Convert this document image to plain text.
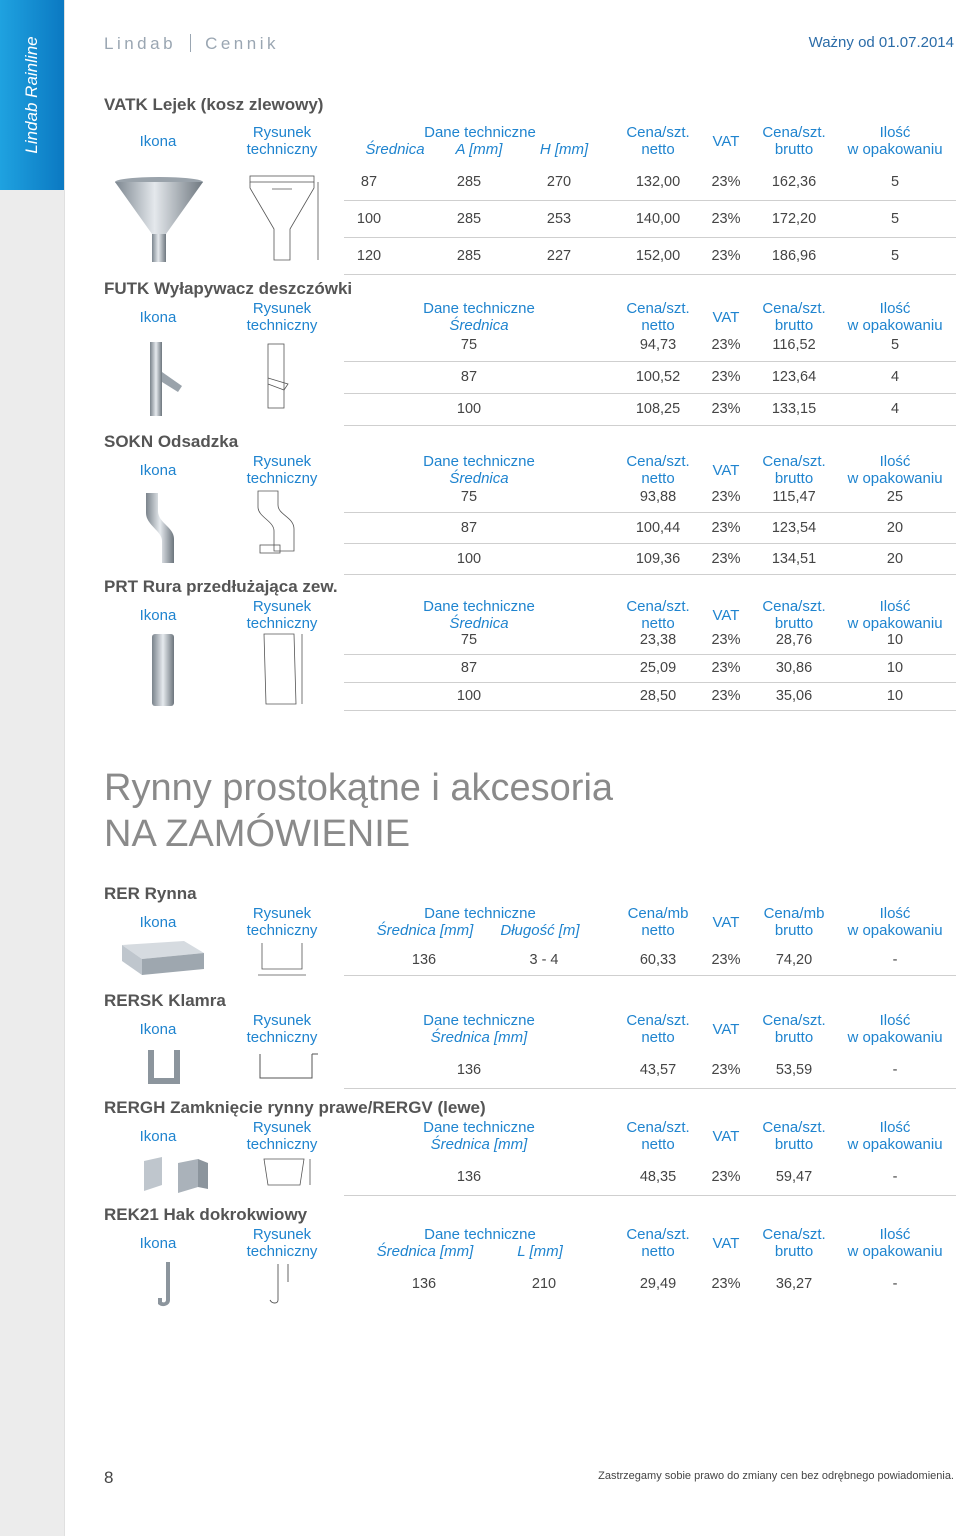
Lindab Rainline	Lindab Cennik	Ważny od 01.07.2014
VATK Lejek (kosz zlewowy)
Ikona
Rysunek
techniczny
Dane techniczne
Średnica A [mm] H [mm]
Cena/szt.
netto	VAT
Cena/szt.
brutto
Ilość
w opakowaniu
87	285	270	132,00	23%	162,36	5
100	285	253	140,00	23%	172,20	5
120	285	227	152,00	23%	186,96	5
FUTK Wyłapywacz deszczówki
Ikona
Rysunek
techniczny
Dane techniczne
Średnica
Cena/szt.
netto	VAT
Cena/szt.
brutto
Ilość
w opakowaniu
75	94,73	23%	116,52	5
87	100,52	23%	123,64	4
100	108,25	23%	133,15	4
SOKN Odsadzka
Ikona
Rysunek
techniczny
Dane techniczne
Średnica
Cena/szt.
netto	VAT
Cena/szt.
brutto
Ilość
w opakowaniu
75	93,88	23%	115,47	25
87	100,44	23%	123,54	20
100	109,36	23%	134,51	20
PRT Rura przedłużająca zew.
Ikona
Rysunek
techniczny
Dane techniczne
Średnica
Cena/szt.
netto	VAT
Cena/szt.
brutto
Ilość
w opakowaniu
75	23,38	23%	28,76	10
87	25,09	23%	30,86	10
100	28,50	23%	35,06	10
Rynny prostokątne i akcesoria
NA ZAMÓWIENIE
RER Rynna
Ikona
Rysunek
techniczny
Dane techniczne
Średnica [mm] Długość [m]
Cena/mb
netto	VAT
Cena/mb
brutto
Ilość
w opakowaniu
136	3 - 4	60,33	23%	74,20	-
RERSK Klamra
Ikona
Rysunek
techniczny
Dane techniczne
Średnica [mm]
Cena/szt.
netto	VAT
Cena/szt.
brutto
Ilość
w opakowaniu
136	43,57	23%	53,59	-
RERGH Zamknięcie rynny prawe/RERGV (lewe)
Ikona
Rysunek
techniczny
Dane techniczne
Średnica [mm]
Cena/szt.
netto	VAT
Cena/szt.
brutto
Ilość
w opakowaniu
136	48,35	23%	59,47	-
REK21 Hak dokrokwiowy
Ikona
Rysunek
techniczny
Dane techniczne
Średnica [mm]	L [mm]
Cena/szt.
netto	VAT
Cena/szt.
brutto
Ilość
w opakowaniu
136	210	29,49	23%	36,27	-
8	Zastrzegamy sobie prawo do zmiany cen bez odrębnego powiadomienia.
